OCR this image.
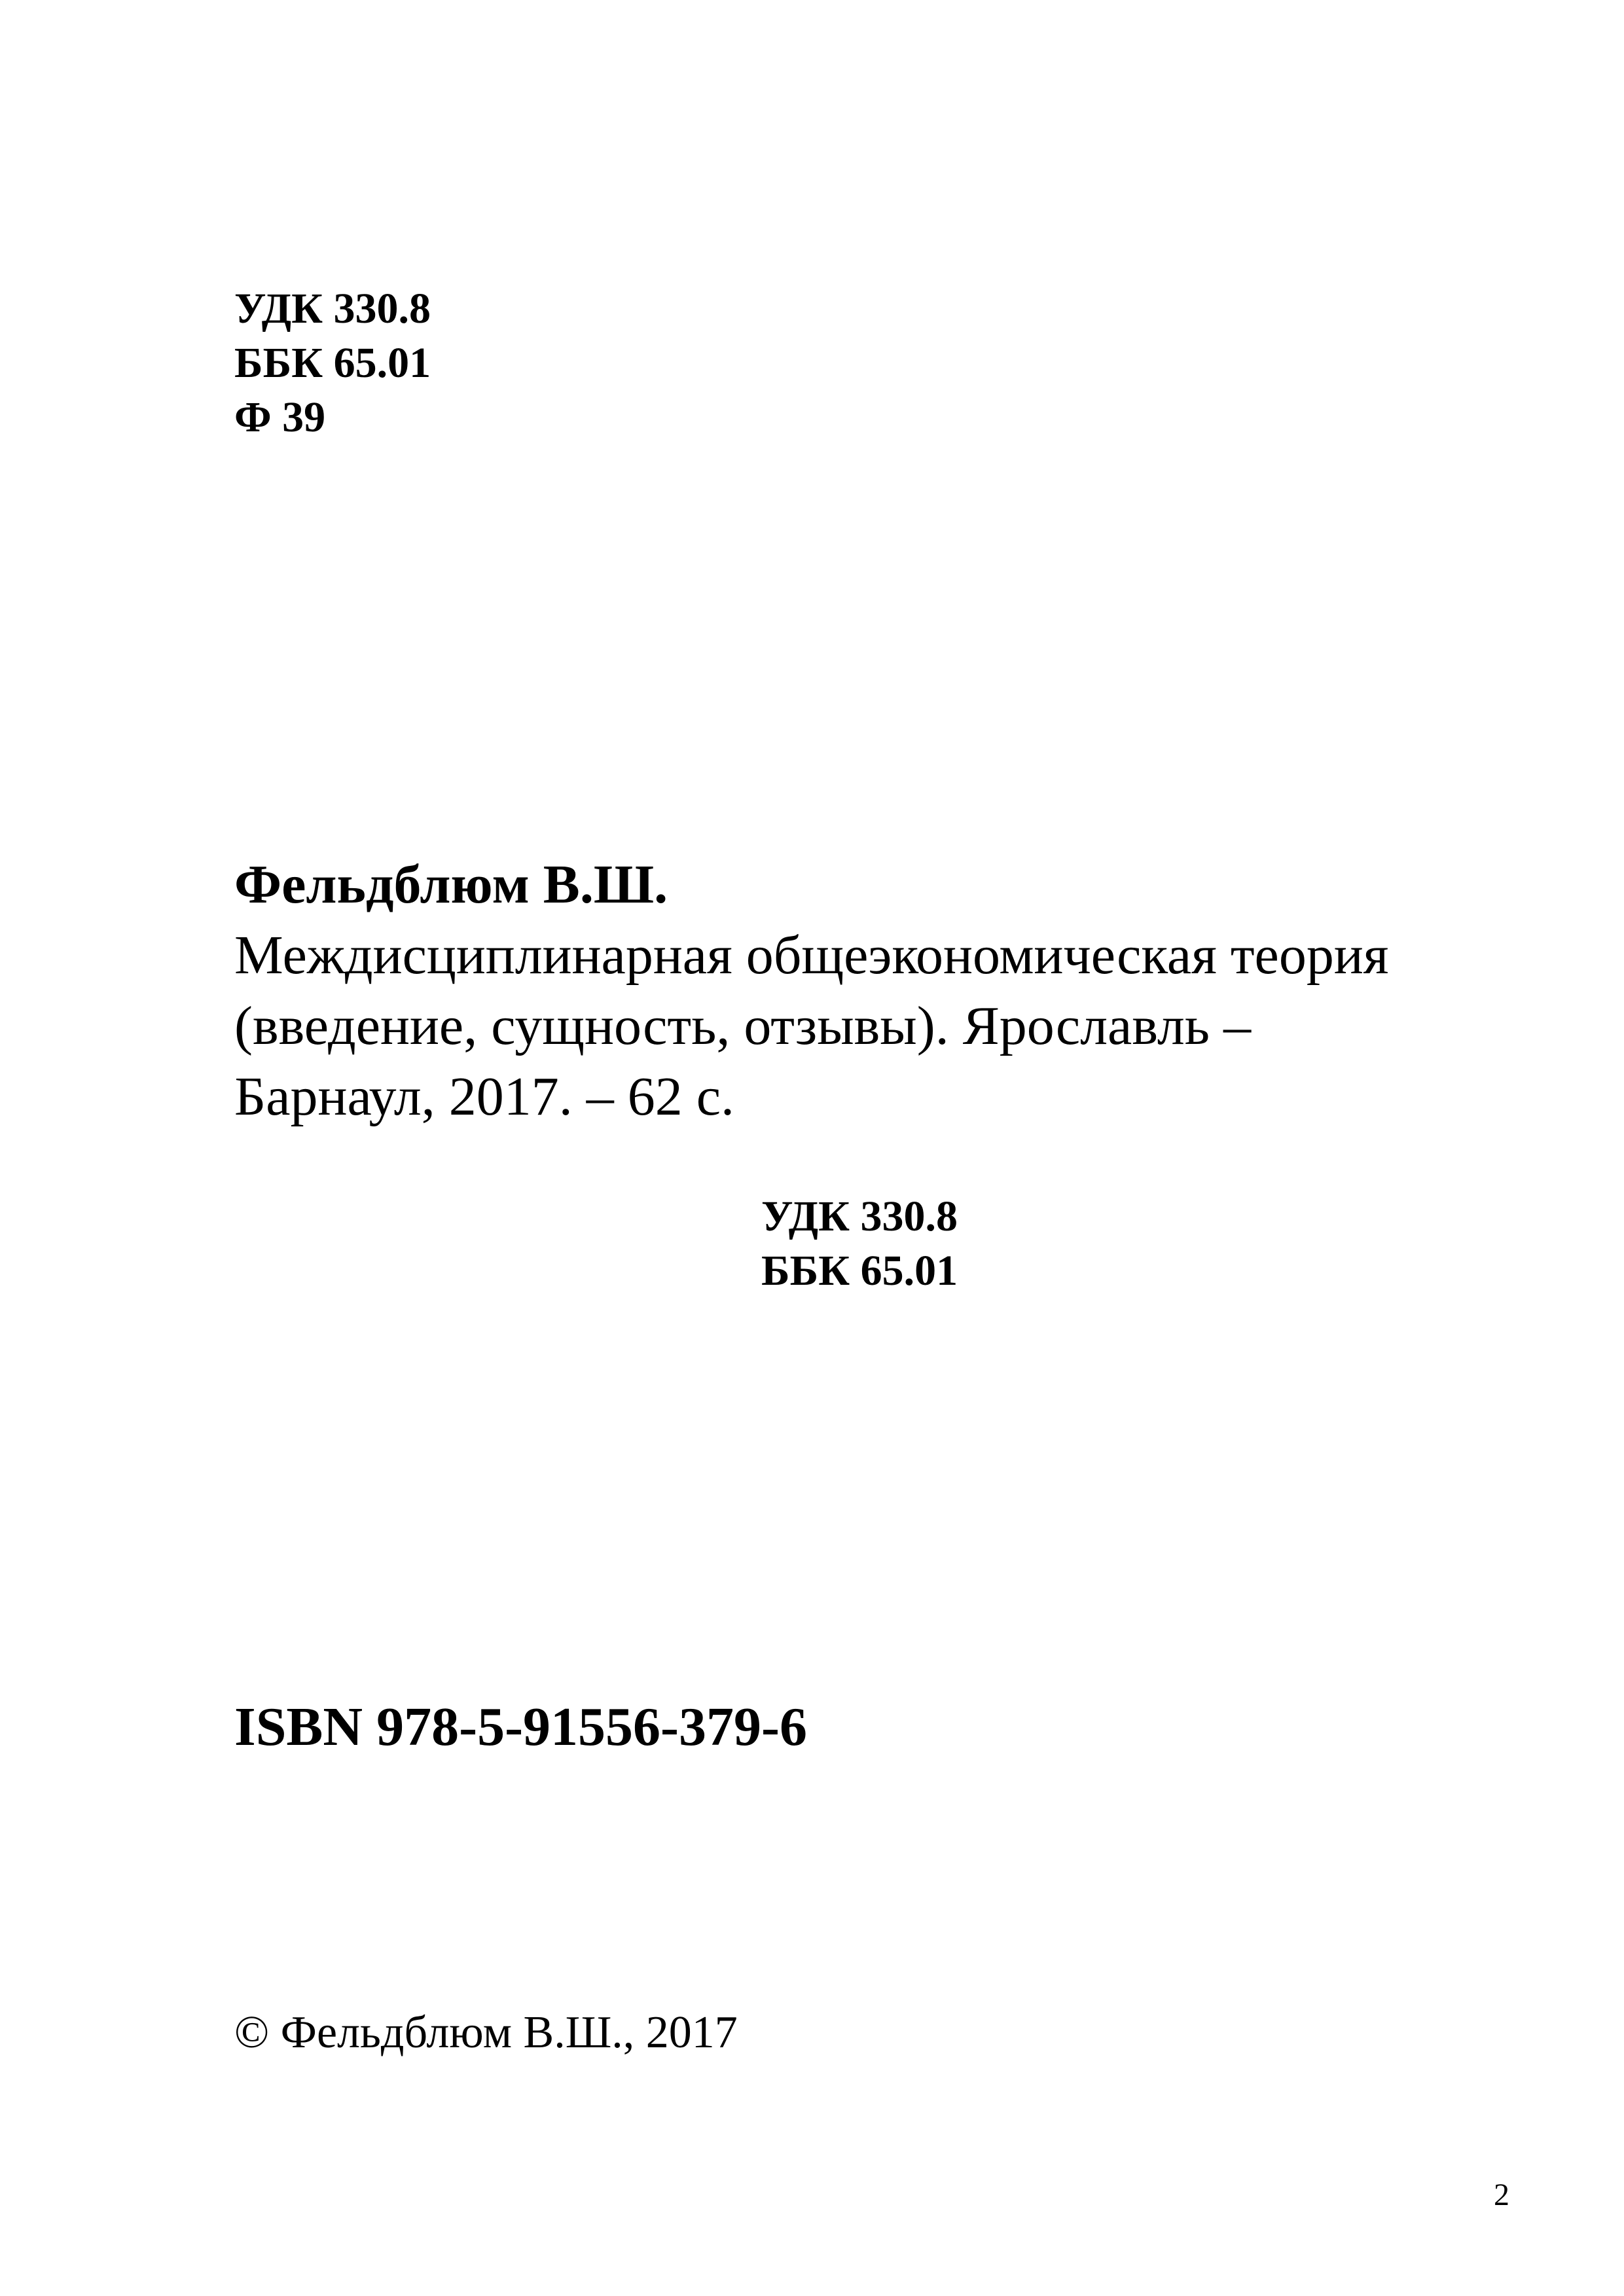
УДК 330.8
ББК 65.01
Ф 39
Фельдблюм В.Ш.
Междисциплинарная общеэкономическая теория
(введение, сущность, отзывы). Ярославль –
Барнаул, 2017. – 62 с.
УДК 330.8
ББК 65.01
ISBN 978-5-91556-379-6
© Фельдблюм В.Ш., 2017
2
